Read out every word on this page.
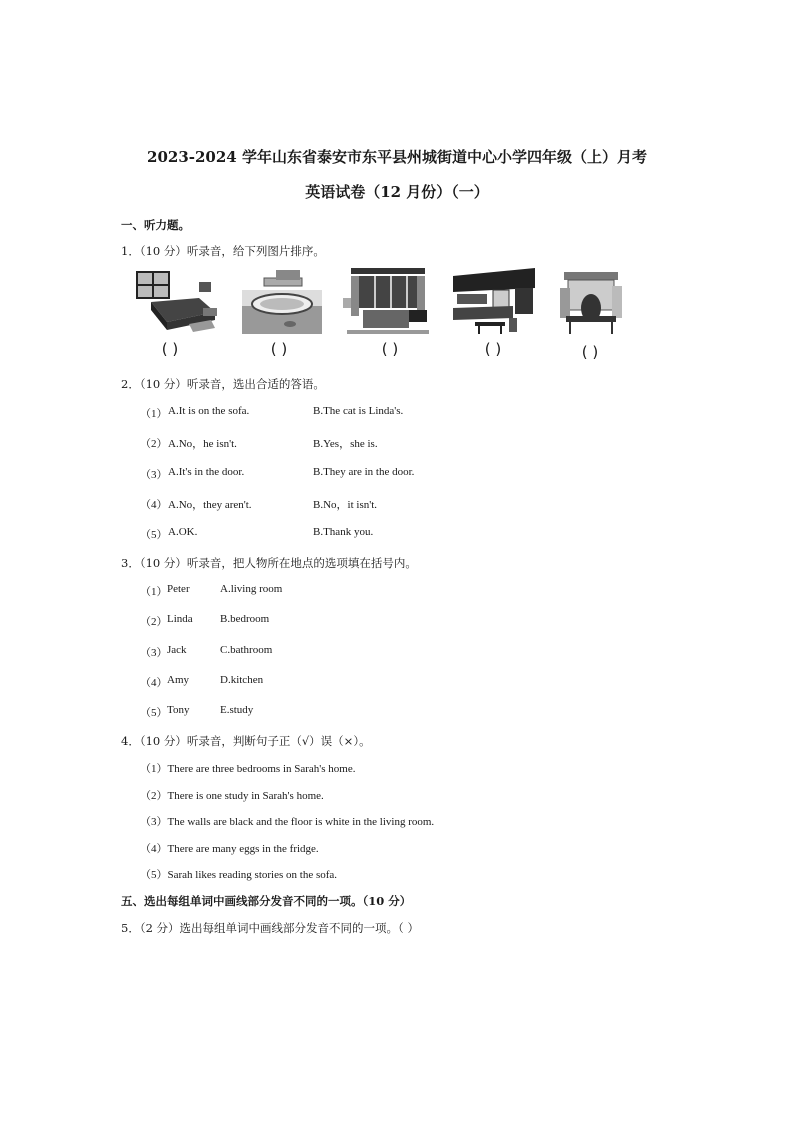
2023-2024 学年山东省泰安市东平县州城街道中心小学四年级（上）月考
英语试卷（12 月份）（一）
一、听力题。
1．（10 分）听录音，给下列图片排序。
( )	( )	( )	( )	( )
2．（10 分）听录音，选出合适的答语。
（1） A.It is on the sofa.	B.The cat is Linda's.
（2） A.No，he isn't.	B.Yes，she is.
（3） A.It's in the door.	B.They are in the door.
（4） A.No，they aren't.	B.No，it isn't.
（5） A.OK.	B.Thank you.
3．（10 分）听录音，把人物所在地点的选项填在括号内。
（1） Peter	A.living room
（2） Linda B.bedroom
（3） Jack	C.bathroom
（4） Amy	D.kitchen
（5） Tony	E.study
4．（10 分）听录音，判断句子正（√）误（×）。
（1）There are three bedrooms in Sarah's home.
（2）There is one study in Sarah's home.
（3）The walls are black and the floor is white in the living room.
（4）There are many eggs in the fridge.
（5）Sarah likes reading stories on the sofa.
五、选出每组单词中画线部分发音不同的一项。（10 分）
5．（2 分）选出每组单词中画线部分发音不同的一项。（ ）
